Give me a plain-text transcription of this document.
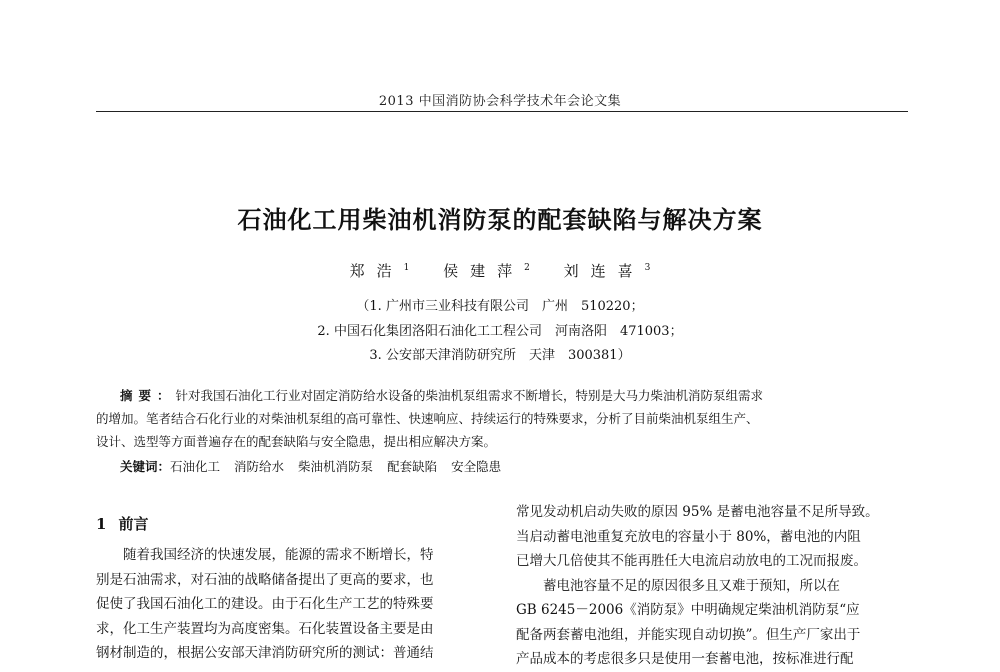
2013 中国消防协会科学技术年会论文集
石油化工用柴油机消防泵的配套缺陷与解决方案
郑浩$^1$ 侯建萍$^2$ 刘连喜$^3$
（1. 广州市三业科技有限公司　广州　510220；
2. 中国石化集团洛阳石油化工工程公司　河南洛阳　471003；
3. 公安部天津消防研究所　天津　300381）
摘要：针对我国石油化工行业对固定消防给水设备的柴油机泵组需求不断增长，特别是大马力柴油机消防泵组需求
的增加。笔者结合石化行业的对柴油机泵组的高可靠性、快速响应、持续运行的特殊要求，分析了目前柴油机泵组生产、
设计、选型等方面普遍存在的配套缺陷与安全隐患，提出相应解决方案。
关键词：石油化工 消防给水 柴油机消防泵 配套缺陷 安全隐患
1 前言

随着我国经济的快速发展，能源的需求不断增长，特

别是石油需求，对石油的战略储备提出了更高的要求，也

促使了我国石油化工的建设。由于石化生产工艺的特殊要

求，化工生产装置均为高度密集。石化装置设备主要是由

钢材制造的，根据公安部天津消防研究所的测试：普通结

常见发动机启动失败的原因 95% 是蓄电池容量不足所导致。

当启动蓄电池重复充放电的容量小于 80%，蓄电池的内阻

已增大几倍使其不能再胜任大电流启动放电的工况而报废。

蓄电池容量不足的原因很多且又难于预知，所以在

GB 6245－2006《消防泵》中明确规定柴油机消防泵“应

配备两套蓄电池组，并能实现自动切换”。但生产厂家出于

产品成本的考虑很多只是使用一套蓄电池，按标准进行配
